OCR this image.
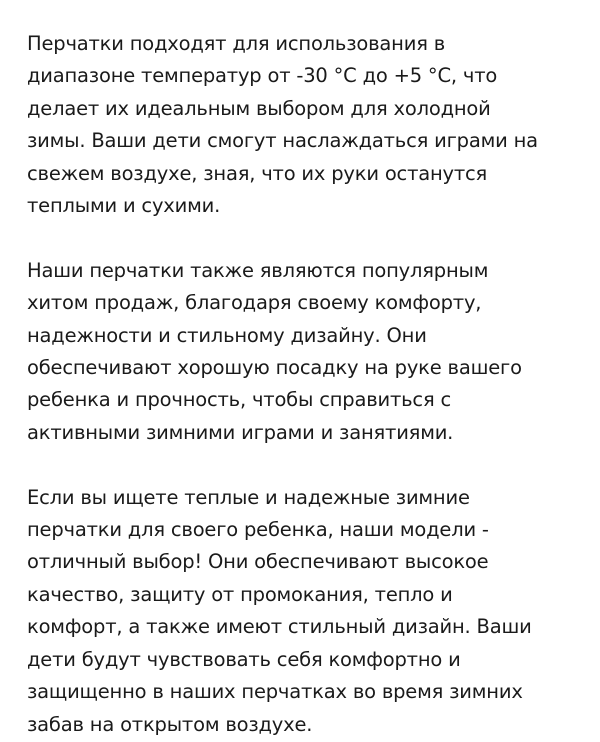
Перчатки подходят для использования в
диапазоне температур от -30 °C до +5 °C, что
делает их идеальным выбором для холодной
зимы. Ваши дети смогут наслаждаться играми на
свежем воздухе, зная, что их руки останутся
теплыми и сухими.

Наши перчатки также являются популярным
хитом продаж, благодаря своему комфорту,
надежности и стильному дизайну. Они
обеспечивают хорошую посадку на руке вашего
ребенка и прочность, чтобы справиться с
активными зимними играми и занятиями.

Если вы ищете теплые и надежные зимние
перчатки для своего ребенка, наши модели -
отличный выбор! Они обеспечивают высокое
качество, защиту от промокания, тепло и
комфорт, а также имеют стильный дизайн. Ваши
дети будут чувствовать себя комфортно и
защищенно в наших перчатках во время зимних
забав на открытом воздухе.
